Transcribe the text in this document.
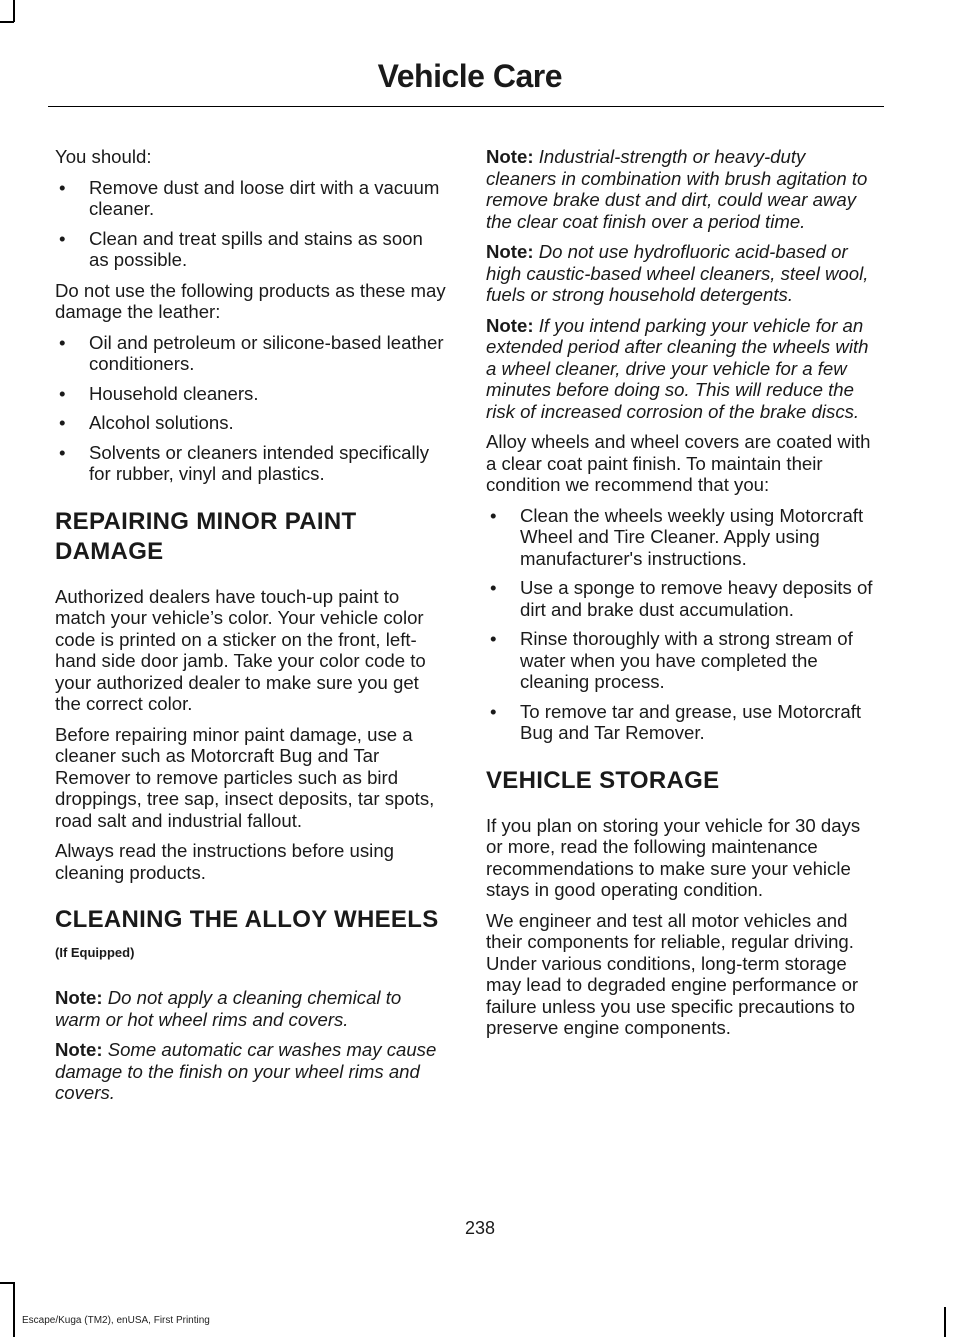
Vehicle Care

You should:

• Remove dust and loose dirt with a vacuum cleaner.
• Clean and treat spills and stains as soon as possible.

Do not use the following products as these may damage the leather:

• Oil and petroleum or silicone-based leather conditioners.
• Household cleaners.
• Alcohol solutions.
• Solvents or cleaners intended specifically for rubber, vinyl and plastics.
REPAIRING MINOR PAINT DAMAGE

Authorized dealers have touch-up paint to match your vehicle’s color. Your vehicle color code is printed on a sticker on the front, left-hand side door jamb. Take your color code to your authorized dealer to make sure you get the correct color.

Before repairing minor paint damage, use a cleaner such as Motorcraft Bug and Tar Remover to remove particles such as bird droppings, tree sap, insect deposits, tar spots, road salt and industrial fallout.

Always read the instructions before using cleaning products.

CLEANING THE ALLOY WHEELS (If Equipped)

Note: Do not apply a cleaning chemical to warm or hot wheel rims and covers.

Note: Some automatic car washes may cause damage to the finish on your wheel rims and covers.

Note: Industrial-strength or heavy-duty cleaners in combination with brush agitation to remove brake dust and dirt, could wear away the clear coat finish over a period time.

Note: Do not use hydrofluoric acid-based or high caustic-based wheel cleaners, steel wool, fuels or strong household detergents.

Note: If you intend parking your vehicle for an extended period after cleaning the wheels with a wheel cleaner, drive your vehicle for a few minutes before doing so. This will reduce the risk of increased corrosion of the brake discs.

Alloy wheels and wheel covers are coated with a clear coat paint finish. To maintain their condition we recommend that you:

• Clean the wheels weekly using Motorcraft Wheel and Tire Cleaner. Apply using manufacturer's instructions.
• Use a sponge to remove heavy deposits of dirt and brake dust accumulation.
• Rinse thoroughly with a strong stream of water when you have completed the cleaning process.
• To remove tar and grease, use Motorcraft Bug and Tar Remover.
VEHICLE STORAGE

If you plan on storing your vehicle for 30 days or more, read the following maintenance recommendations to make sure your vehicle stays in good operating condition.

We engineer and test all motor vehicles and their components for reliable, regular driving. Under various conditions, long-term storage may lead to degraded engine performance or failure unless you use specific precautions to preserve engine components.

238
Escape/Kuga (TM2), enUSA, First Printing
